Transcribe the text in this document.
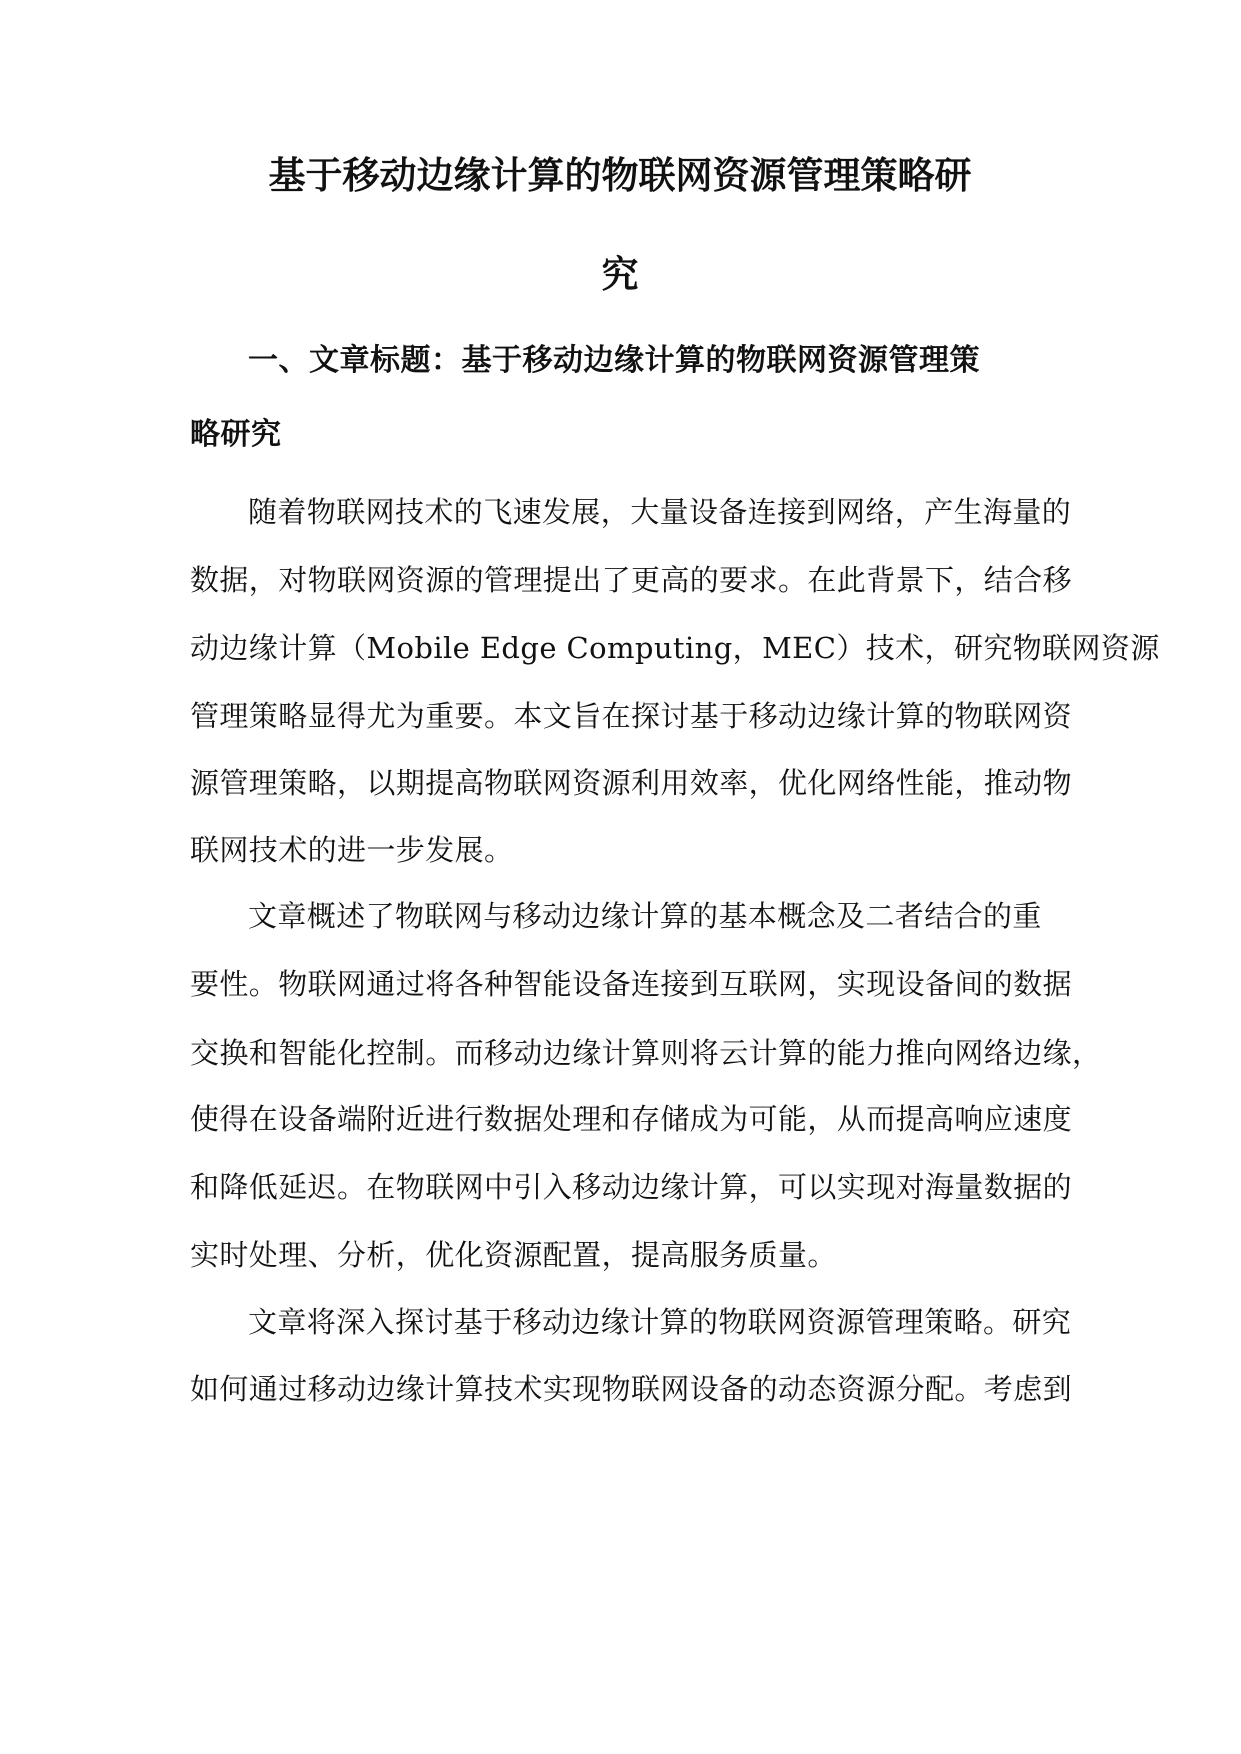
基于移动边缘计算的物联网资源管理策略研
究

一、文章标题：基于移动边缘计算的物联网资源管理策

略研究

随着物联网技术的飞速发展，大量设备连接到网络，产生海量的

数据，对物联网资源的管理提出了更高的要求。在此背景下，结合移

动边缘计算（Mobile Edge Computing，MEC）技术，研究物联网资源

管理策略显得尤为重要。本文旨在探讨基于移动边缘计算的物联网资

源管理策略，以期提高物联网资源利用效率，优化网络性能，推动物

联网技术的进一步发展。

文章概述了物联网与移动边缘计算的基本概念及二者结合的重

要性。物联网通过将各种智能设备连接到互联网，实现设备间的数据

交换和智能化控制。而移动边缘计算则将云计算的能力推向网络边缘，

使得在设备端附近进行数据处理和存储成为可能，从而提高响应速度

和降低延迟。在物联网中引入移动边缘计算，可以实现对海量数据的

实时处理、分析，优化资源配置，提高服务质量。

文章将深入探讨基于移动边缘计算的物联网资源管理策略。研究

如何通过移动边缘计算技术实现物联网设备的动态资源分配。考虑到
